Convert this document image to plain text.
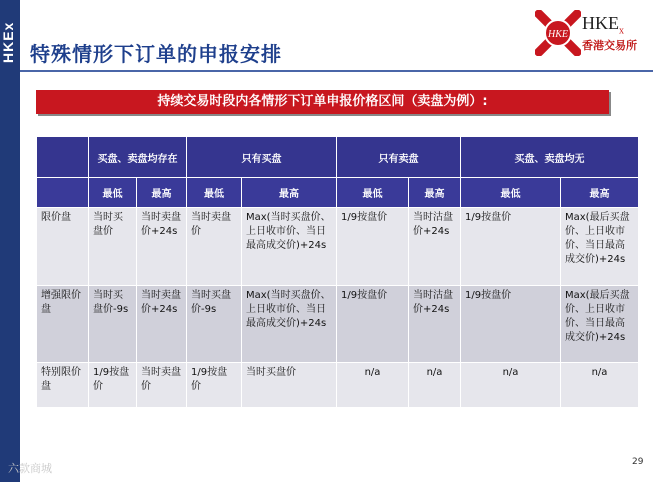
HKEx 特殊情形下订单的申报安排
HKE
$HKE_x$
香港交易所
持续交易时段内各情形下订单申报价格区间（卖盘为例）:
	买盘、卖盘均存在		只有买盘		只有卖盘		买盘、卖盘均无	
	最低	最高	最低	最高	最低	最高	最低	最高
限价盘	当时买盘价	当时卖盘价+24s	当时卖盘价	Max(当时买盘价、上日收市价、当日最高成交价)+24s	1/9按盘价	当时沽盘价+24s	1/9按盘价	Max(最后买盘价、上日收市价、当日最高成交价)+24s
增强限价盘	当时买盘价-9s	当时卖盘价+24s	当时买盘价-9s	Max(当时买盘价、上日收市价、当日最高成交价)+24s	1/9按盘价	当时沽盘价+24s	1/9按盘价	Max(最后买盘价、上日收市价、当日最高成交价)+24s
特别限价盘	1/9按盘价	当时卖盘价	1/9按盘价	当时买盘价	n/a	n/a	n/a	n/a
29
六款商城
